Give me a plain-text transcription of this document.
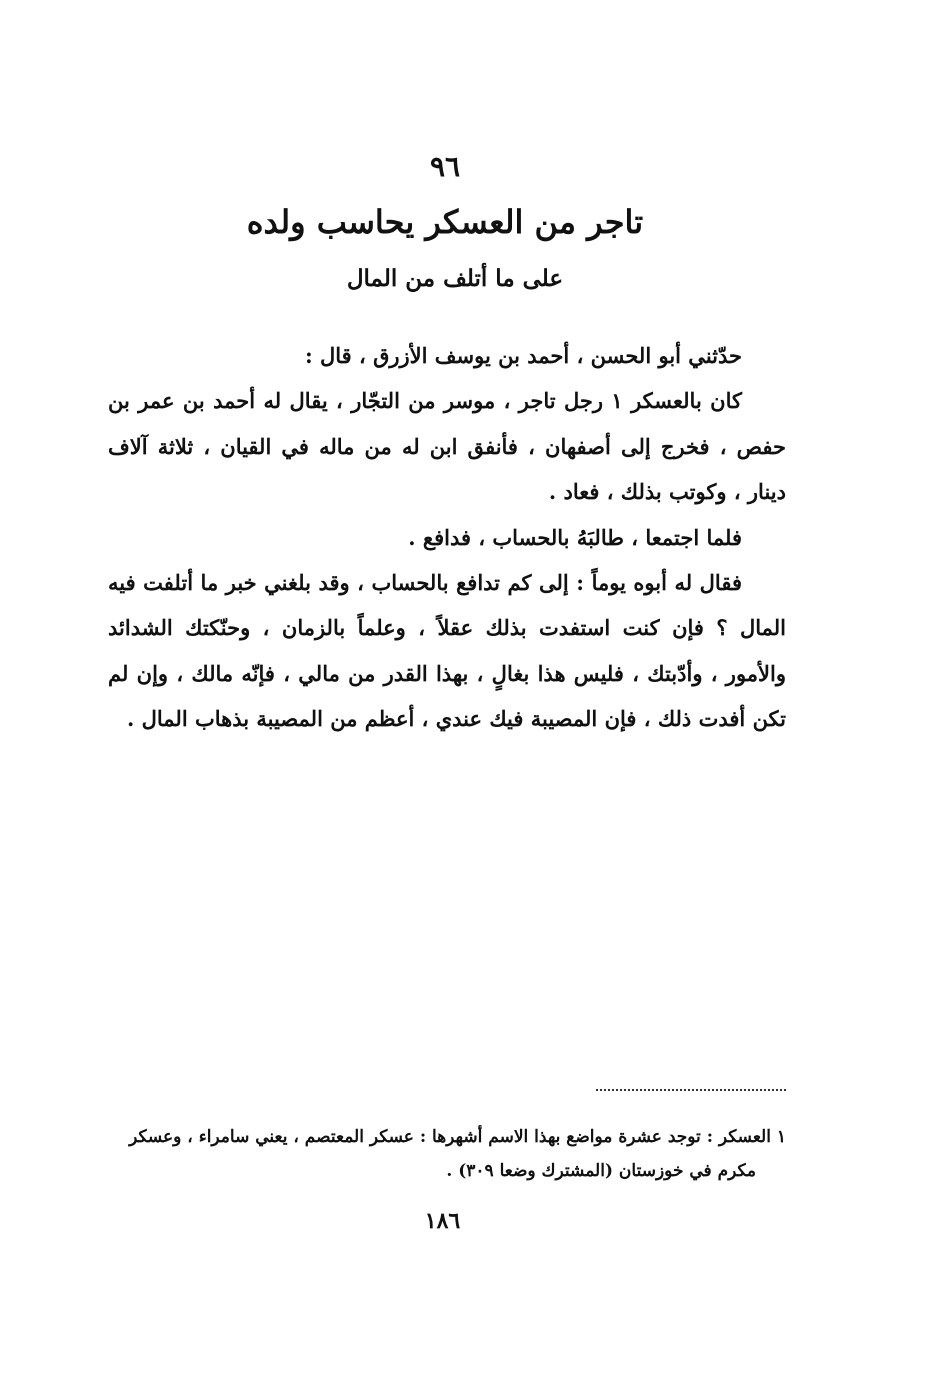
٩٦
تاجر من العسكر يحاسب ولده
على ما أتلف من المال

حدّثني أبو الحسن ، أحمد بن يوسف الأزرق ، قال :

كان بالعسكر ١ رجل تاجر ، موسر من التجّار ، يقال له أحمد بن عمر بن حفص ، فخرج إلى أصفهان ، فأنفق ابن له من ماله في القيان ، ثلاثة آلاف دينار ، وكوتب بذلك ، فعاد .

فلما اجتمعا ، طالبَهُ بالحساب ، فدافع .

فقال له أبوه يوماً : إلى كم تدافع بالحساب ، وقد بلغني خبر ما أتلفت فيه المال ؟ فإن كنت استفدت بذلك عقلاً ، وعلماً بالزمان ، وحنّكتك الشدائد والأمور ، وأدّبتك ، فليس هذا بغالٍ ، بهذا القدر من مالي ، فإنّه مالك ، وإن لم تكن أفدت ذلك ، فإن المصيبة فيك عندي ، أعظم من المصيبة بذهاب المال .

١ العسكر : توجد عشرة مواضع بهذا الاسم أشهرها : عسكر المعتصم ، يعني سامراء ، وعسكر
مكرم في خوزستان (المشترك وضعا ٣٠٩) .
١٨٦
